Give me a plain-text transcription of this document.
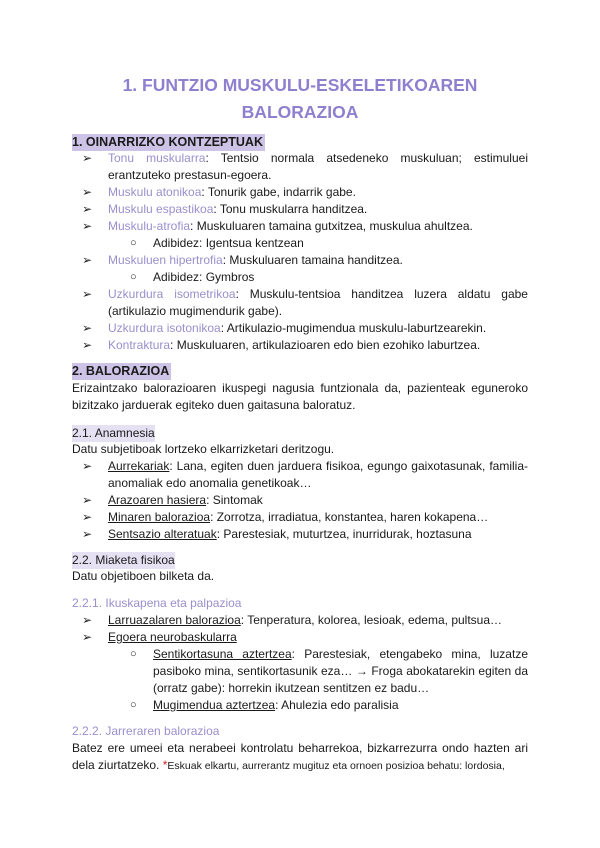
1. FUNTZIO MUSKULU-ESKELETIKOAREN
BALORAZIOA
1. OINARRIZKO KONTZEPTUAK
➢ Tonu muskularra: Tentsio normala atsedeneko muskuluan; estimuluei erantzuteko prestasun-egoera.
➢ Muskulu atonikoa: Tonurik gabe, indarrik gabe.
➢ Muskulu espastikoa: Tonu muskularra handitzea.
➢ Muskulu-atrofia: Muskuluaren tamaina gutxitzea, muskulua ahultzea.
○ Adibidez: Igentsua kentzean
➢ Muskuluen hipertrofia: Muskuluaren tamaina handitzea.
○ Adibidez: Gymbros
➢ Uzkurdura isometrikoa: Muskulu-tentsioa handitzea luzera aldatu gabe (artikulazio mugimendurik gabe).
➢ Uzkurdura isotonikoa: Artikulazio-mugimendua muskulu-laburtzearekin.
➢ Kontraktura: Muskuluaren, artikulazioaren edo bien ezohiko laburtzea.
2. BALORAZIOA

Erizaintzako balorazioaren ikuspegi nagusia funtzionala da, pazienteak eguneroko bizitzako jarduerak egiteko duen gaitasuna baloratuz.

2.1. Anamnesia

Datu subjetiboak lortzeko elkarrizketari deritzogu.

➢ Aurrekariak: Lana, egiten duen jarduera fisikoa, egungo gaixotasunak, familia-anomaliak edo anomalia genetikoak…
➢ Arazoaren hasiera: Sintomak
➢ Minaren balorazioa: Zorrotza, irradiatua, konstantea, haren kokapena…
➢ Sentsazio alteratuak: Parestesiak, muturtzea, inurridurak, hoztasuna
2.2. Miaketa fisikoa

Datu objetiboen bilketa da.

2.2.1. Ikuskapena eta palpazioa

➢ Larruazalaren balorazioa: Tenperatura, kolorea, lesioak, edema, pultsua…
➢ Egoera neurobaskularra
○ Sentikortasuna aztertzea: Parestesiak, etengabeko mina, luzatze pasiboko mina, sentikortasunik eza… → Froga abokatarekin egiten da (orratz gabe): horrekin ikutzean sentitzen ez badu…
○ Mugimendua aztertzea: Ahulezia edo paralisia

2.2.2. Jarreraren balorazioa

Batez ere umeei eta nerabeei kontrolatu beharrekoa, bizkarrezurra ondo hazten ari dela ziurtatzeko. *Eskuak elkartu, aurrerantz mugituz eta ornoen posizioa behatu: lordosia,
